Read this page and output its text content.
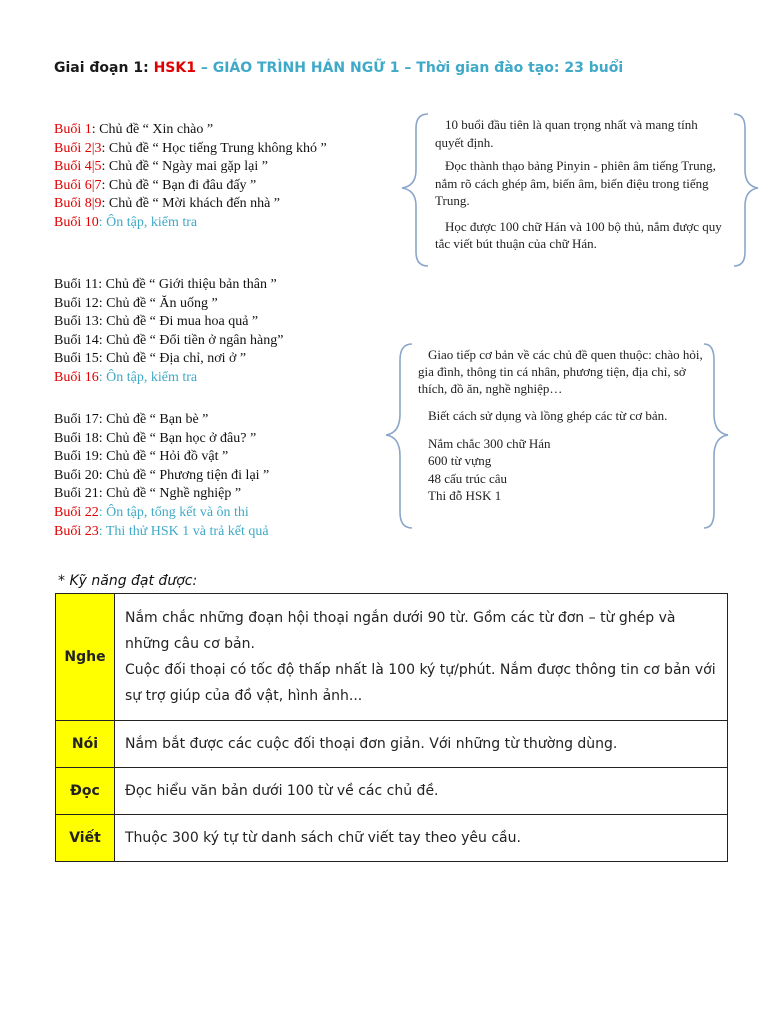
Giai đoạn 1: HSK1 – GIÁO TRÌNH HÁN NGỮ 1 – Thời gian đào tạo: 23 buổi
Buổi 1: Chủ đề “ Xin chào ”
Buổi 2|3: Chủ đề “ Học tiếng Trung không khó ”
Buổi 4|5: Chủ đề “ Ngày mai gặp lại ”
Buổi 6|7: Chủ đề “ Bạn đi đâu đấy ”
Buổi 8|9: Chủ đề “ Mời khách đến nhà ”
Buổi 10: Ôn tập, kiểm tra
Buổi 11: Chủ đề “ Giới thiệu bản thân ”
Buổi 12: Chủ đề “ Ăn uống ”
Buổi 13: Chủ đề “ Đi mua hoa quả ”
Buổi 14: Chủ đề “ Đổi tiền ở ngân hàng”
Buổi 15: Chủ đề “ Địa chỉ, nơi ở ”
Buổi 16: Ôn tập, kiểm tra
Buổi 17: Chủ đề “ Bạn bè ”
Buổi 18: Chủ đề “ Bạn học ở đâu? ”
Buổi 19: Chủ đề “ Hỏi đồ vật ”
Buổi 20: Chủ đề “ Phương tiện đi lại ”
Buổi 21: Chủ đề “ Nghề nghiệp ”
Buổi 22: Ôn tập, tổng kết và ôn thi
Buổi 23: Thi thử HSK 1 và trả kết quả

10 buổi đầu tiên là quan trọng nhất và mang tính quyết định.

Đọc thành thạo bảng Pinyin - phiên âm tiếng Trung, nắm rõ cách ghép âm, biến âm, biến điệu trong tiếng Trung.

Học được 100 chữ Hán và 100 bộ thủ, nắm được quy tắc viết bút thuận của chữ Hán.

Giao tiếp cơ bản về các chủ đề quen thuộc: chào hỏi, gia đình, thông tin cá nhân, phương tiện, địa chỉ, sở thích, đồ ăn, nghề nghiệp…

Biết cách sử dụng và lồng ghép các từ cơ bản.

Nắm chắc 300 chữ Hán
600 từ vựng
48 cấu trúc câu
Thi đỗ HSK 1
* Kỹ năng đạt được:
Nghe	Nắm chắc những đoạn hội thoại ngắn dưới 90 từ. Gồm các từ đơn – từ ghép và những câu cơ bản.
Cuộc đối thoại có tốc độ thấp nhất là 100 ký tự/phút. Nắm được thông tin cơ bản với sự trợ giúp của đồ vật, hình ảnh...

Nói	Nắm bắt được các cuộc đối thoại đơn giản. Với những từ thường dùng.
Đọc	Đọc hiểu văn bản dưới 100 từ về các chủ đề.
Viết	Thuộc 300 ký tự từ danh sách chữ viết tay theo yêu cầu.
